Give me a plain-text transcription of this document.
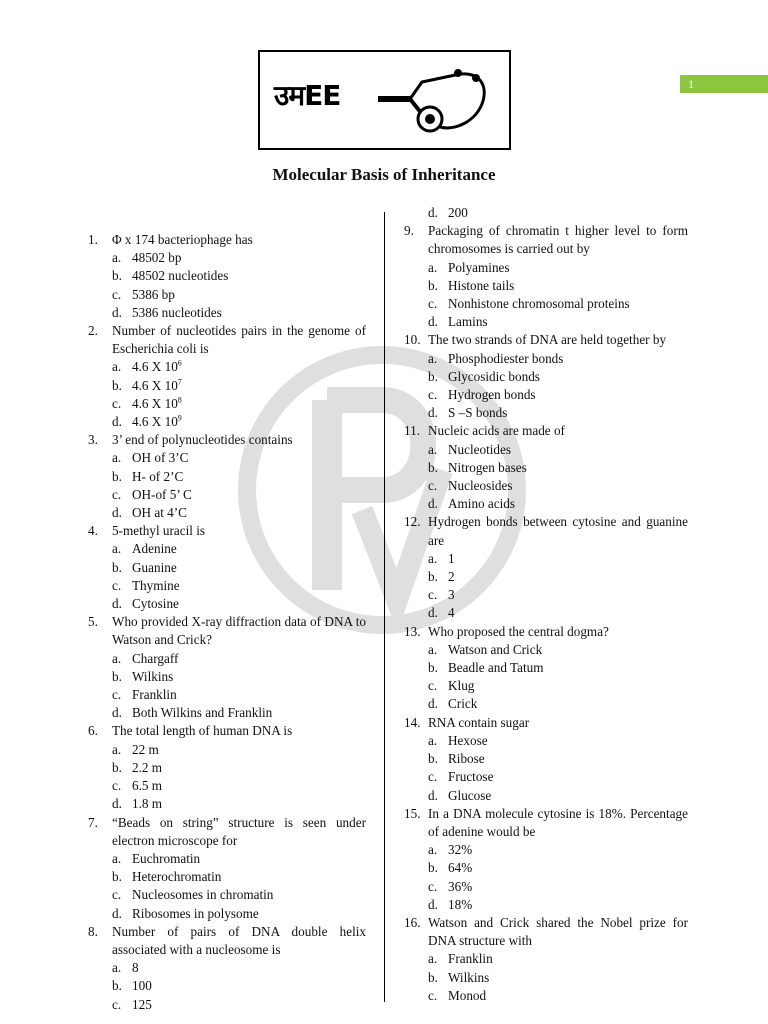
उमEE	1
Molecular Basis of Inheritance
1. Φ x 174 bacteriophage has
a. 48502 bp
b. 48502 nucleotides
c. 5386 bp
d. 5386 nucleotides
2. Number of nucleotides pairs in the genome of Escherichia coli is
a. 4.6 X $10^6$
b. 4.6 X $10^7$
c. 4.6 X $10^8$
d. 4.6 X $10^9$
3. 3’ end of polynucleotides contains
a. OH of 3’C
b. H- of 2’C
c. OH-of 5’ C
d. OH at 4’C
4. 5-methyl uracil is
a. Adenine
b. Guanine
c. Thymine
d. Cytosine
5. Who provided X-ray diffraction data of DNA to Watson and Crick?
a. Chargaff
b. Wilkins
c. Franklin
d. Both Wilkins and Franklin
6. The total length of human DNA is
a. 22 m
b. 2.2 m
c. 6.5 m
d. 1.8 m
7. “Beads on string” structure is seen under electron microscope for
a. Euchromatin
b. Heterochromatin
c. Nucleosomes in chromatin
d. Ribosomes in polysome
8. Number of pairs of DNA double helix associated with a nucleosome is
a. 8
b. 100
c. 125
d. 200
9. Packaging of chromatin t higher level to form chromosomes is carried out by
a. Polyamines
b. Histone tails
c. Nonhistone chromosomal proteins
d. Lamins
10. The two strands of DNA are held together by
a. Phosphodiester bonds
b. Glycosidic bonds
c. Hydrogen bonds
d. S –S bonds
11. Nucleic acids are made of
a. Nucleotides
b. Nitrogen bases
c. Nucleosides
d. Amino acids
12. Hydrogen bonds between cytosine and guanine are
a. 1
b. 2
c. 3
d. 4
13. Who proposed the central dogma?
a. Watson and Crick
b. Beadle and Tatum
c. Klug
d. Crick
14. RNA contain sugar
a. Hexose
b. Ribose
c. Fructose
d. Glucose
15. In a DNA molecule cytosine is 18%. Percentage of adenine would be
a. 32%
b. 64%
c. 36%
d. 18%
16. Watson and Crick shared the Nobel prize for DNA structure with
a. Franklin
b. Wilkins
c. Monod
